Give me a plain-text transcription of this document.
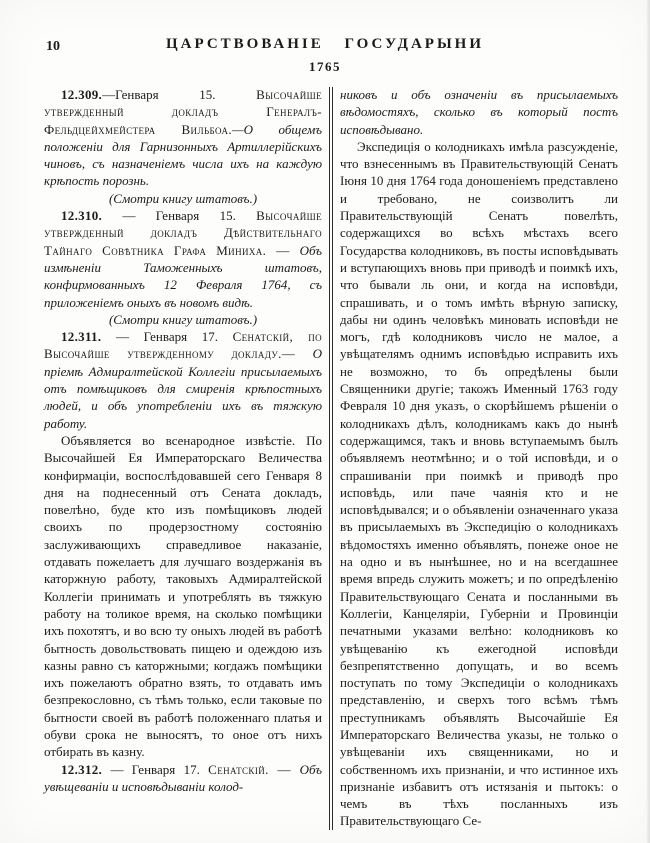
10	ЦАРСТВОВАНІЕ ГОСУДАРЫНИ
1765

12.309.—Генваря 15. Высочайше утвержденный докладъ Генералъ-Фельдцейхмейстера Вильбоа.—О общемъ положеніи для Гарнизонныхъ Артиллерійскихъ чиновъ, съ назначеніемъ числа ихъ на каждую крѣпость порознь.

(Смотри книгу штатовъ.)

12.310. — Генваря 15. Высочайше утвержденный докладъ Дѣйствительнаго Тайнаго Совѣтника Графа Миниха. — Объ измѣненіи Таможенныхъ штатовъ, конфирмованныхъ 12 Февраля 1764, съ приложеніемъ оныхъ въ новомъ видѣ.

(Смотри книгу штатовъ.)

12.311. — Генваря 17. Сенатскій, по Высочайше утвержденному докладу.— О пріемѣ Адмиралтейской Коллегіи присылаемыхъ отъ помѣщиковъ для смиренія крѣпостныхъ людей, и объ употребленіи ихъ въ тяжкую работу.

Объявляется во всенародное извѣстіе. По Высочайшей Ея Императорскаго Величества конфирмаціи, воспослѣдовавшей сего Генваря 8 дня на поднесенный отъ Сената докладъ, повелѣно, буде кто изъ помѣщиковъ людей своихъ по продерзостному состоянію заслуживающихъ справедливое наказаніе, отдавать пожелаетъ для лучшаго воздержанія въ каторжную работу, таковыхъ Адмиралтейской Коллегіи принимать и употреблять въ тяжкую работу на толикое время, на сколько помѣщики ихъ похотятъ, и во всю ту оныхъ людей въ работѣ бытность довольствовать пищею и одеждою изъ казны равно съ каторжными; когдажъ помѣщики ихъ пожелаютъ обратно взять, то отдавать имъ безпрекословно, съ тѣмъ только, если таковые по бытности своей въ работѣ положеннаго платья и обуви срока не выносятъ, то оное отъ нихъ отбирать въ казну.

12.312. — Генваря 17. Сенатскій. — Объ увѣщеваніи и исповѣдываніи колод-

никовъ и объ означеніи въ присылаемыхъ вѣдомостяхъ, сколько въ который постъ исповѣдывано.

Экспедиція о колодникахъ имѣла разсужденіе, что взнесеннымъ въ Правительствующій Сенатъ Іюня 10 дня 1764 года доношеніемъ представлено и требовано, не соизволитъ ли Правительствующій Сенатъ повелѣть, содержащихся во всѣхъ мѣстахъ всего Государства колодниковъ, въ посты исповѣдывать и вступающихъ вновь при приводѣ и поимкѣ ихъ, что бывали ль они, и когда на исповѣди, спрашивать, и о томъ имѣть вѣрную записку, дабы ни одинъ человѣкъ миновать исповѣди не могъ, гдѣ колодниковъ число не малое, а увѣщателямъ однимъ исповѣдью исправить ихъ не возможно, то бъ опредѣлены были Священники другіе; такожъ Именный 1763 году Февраля 10 дня указъ, о скорѣйшемъ рѣшеніи о колодникахъ дѣлъ, колодникамъ какъ до нынѣ содержащимся, такъ и вновь вступаемымъ былъ объявляемъ неотмѣнно; и о той исповѣди, и о спрашиваніи при поимкѣ и приводѣ про исповѣдь, или паче чаянія кто и не исповѣдывался; и о объявленіи означеннаго указа въ присылаемыхъ въ Экспедицію о колодникахъ вѣдомостяхъ именно объявлять, понеже оное не на одно и въ нынѣшнее, но и на всегдашнее время впредь служить можетъ; и по опредѣленію Правительствующаго Сената и посланными въ Коллегіи, Канцеляріи, Губерніи и Провинціи печатными указами велѣно: колодниковъ ко увѣщеванію къ ежегодной исповѣди безпрепятственно допущать, и во всемъ поступать по тому Экспедиціи о колодникахъ представленію, и сверхъ того всѣмъ тѣмъ преступникамъ объявлять Высочайшіе Ея Императорскаго Величества указы, не только о увѣщеваніи ихъ священниками, но и собственномъ ихъ признаніи, и что истинное ихъ признаніе избавитъ отъ истязанія и пытокъ: о чемъ въ тѣхъ посланныхъ изъ Правительствующаго Се-
